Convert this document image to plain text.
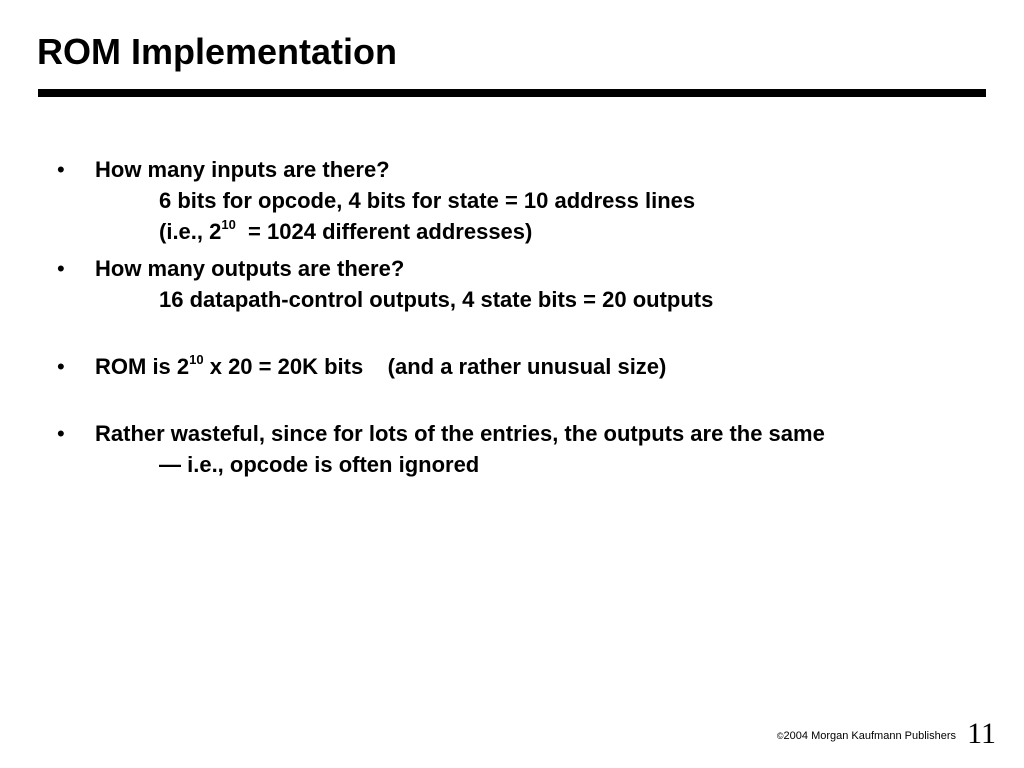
ROM Implementation
• How many inputs are there?
6 bits for opcode, 4 bits for state = 10 address lines
(i.e., $2^{10} = 1024$ different addresses)
• How many outputs are there?
16 datapath-control outputs, 4 state bits = 20 outputs
• ROM is $2^{10}$ x 20 = 20K bits    (and a rather unusual size)
• Rather wasteful, since for lots of the entries, the outputs are the same
— i.e., opcode is often ignored
©2004 Morgan Kaufmann Publishers 11
